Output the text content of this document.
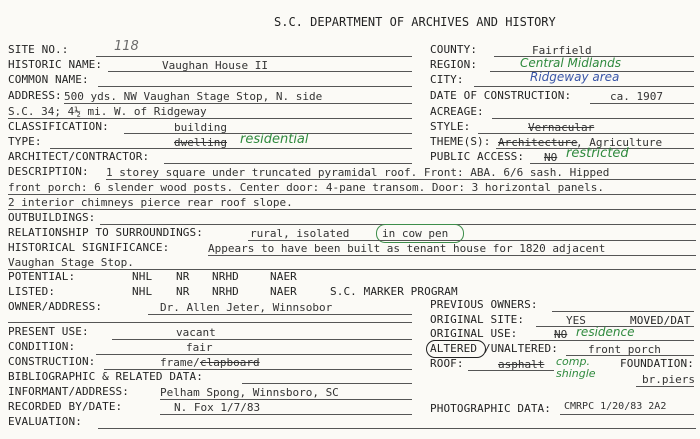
S.C. DEPARTMENT OF ARCHIVES AND HISTORY
SITE NO.:	118
HISTORIC NAME:	Vaughan House II
COMMON NAME:
ADDRESS: 500 yds. NW Vaughan Stage Stop, N. side
S.C. 34; 4½ mi. W. of Ridgeway
CLASSIFICATION:	building
TYPE:	dwelling residential
ARCHITECT/CONTRACTOR:
DESCRIPTION: 1 storey square under truncated pyramidal roof. Front: ABA. 6/6 sash. Hipped
front porch: 6 slender wood posts. Center door: 4-pane transom. Door: 3 horizontal panels.
2 interior chimneys pierce rear roof slope.
OUTBUILDINGS:
RELATIONSHIP TO SURROUNDINGS:	rural, isolated	in cow pen
HISTORICAL SIGNIFICANCE:	Appears to have been built as tenant house for 1820 adjacent
Vaughan Stage Stop.
POTENTIAL:	NHL NR NRHD	NAER
LISTED:	NHL NR NRHD	NAER	S.C. MARKER PROGRAM
OWNER/ADDRESS:	Dr. Allen Jeter, Winnsobor
PRESENT USE:	vacant
CONDITION:	fair
CONSTRUCTION:	frame/ clapboard
BIBLIOGRAPHIC & RELATED DATA:
INFORMANT/ADDRESS:	Pelham Spong, Winnsboro, SC
RECORDED BY/DATE:	N. Fox 1/7/83
EVALUATION:
COUNTY:	Fairfield
REGION:	Central Midlands
CITY:	Ridgeway area
DATE OF CONSTRUCTION:	ca. 1907
ACREAGE:
STYLE:	Vernacular
THEME(S): Architecture
, Agriculture
PUBLIC ACCESS: NO restricted
PREVIOUS OWNERS:
ORIGINAL SITE:	YES	MOVED/DAT
ORIGINAL USE:	NO residence
ALTERED /UNALTERED:	front porch
ROOF:	asphalt comp.
shingle
FOUNDATION:
br.piers
PHOTOGRAPHIC DATA: CMRPC 1/20/83 2A2
